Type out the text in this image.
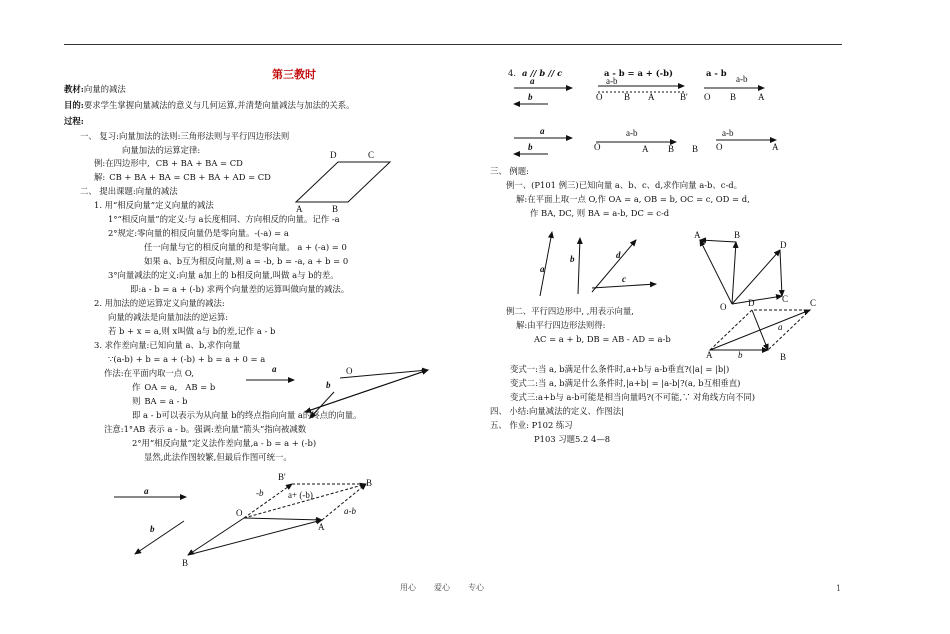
第三教时
教材:向量的减法
目的:要求学生掌握向量减法的意义与几何运算,并清楚向量减法与加法的关系。
过程:
一、 复习:向量加法的法则:三角形法则与平行四边形法则
向量加法的运算定律:
例:在四边形中, CB + BA + BA = CD
解: CB + BA + BA = CB + BA + AD = CD
二、 提出课题:向量的减法
1. 用“相反向量”定义向量的减法
1°“相反向量”的定义:与 a长度相同、方向相反的向量。记作 -a
2°规定:零向量的相反向量仍是零向量。-(-a) = a
任一向量与它的相反向量的和是零向量。 a + (-a) = 0
如果 a、b互为相反向量,则 a = -b, b = -a, a + b = 0
3°向量减法的定义:向量 a加上的 b相反向量,叫做 a与 b的差。
即:a - b = a + (-b) 求两个向量差的运算叫做向量的减法。
2. 用加法的逆运算定义向量的减法:
向量的减法是向量加法的逆运算:
若 b + x = a,则 x叫做 a与 b的差,记作 a - b
3. 求作差向量:已知向量 a、b,求作向量
∵(a-b) + b = a + (-b) + b = a + 0 = a
作法:在平面内取一点 O,
作 OA = a, AB = b
则 BA = a - b
即 a - b可以表示为从向量 b的终点指向向量 a的终点的向量。
注意:1°AB 表示 a - b。强调:差向量“箭头”指向被减数
2°用“相反向量”定义法作差向量,a - b = a + (-b)
显然,此法作图较繁,但最后作图可统一。
4. a // b // c	a - b = a + (-b)	a - b
三、 例题:
例一、(P101 例三)已知向量 a、b、c、d,求作向量 a-b、c-d。
解:在平面上取一点 O,作 OA = a, OB = b, OC = c, OD = d,
作 BA, DC, 则 BA = a-b, DC = c-d
例二、平行四边形中, ,用表示向量,
解:由平行四边形法则得:
AC = a + b, DB = AB - AD = a-b
变式一:当 a, b满足什么条件时,a+b与 a-b垂直?(|a| = |b|)
变式二:当 a, b满足什么条件时,|a+b| = |a-b|?(a, b互相垂直)
变式三:a+b与 a-b可能是相当向量吗?(不可能,∵ 对角线方向不同)
四、 小结:向量减法的定义、作图法|
五、 作业: P102 练习
P103 习题5.2 4—8
D	C
A	B
a
b
O
a
b
O
B
A
B'
B
-b	a+ (-b)
a-b
a
b
a-b
O B A	B'
a-b
O B A
a
b
a-b
O	A B
a-b
B O	A
a
b	d
c
A	B
D
C
O
A
D
B
C
a
b
用心 爱心 专心	1
